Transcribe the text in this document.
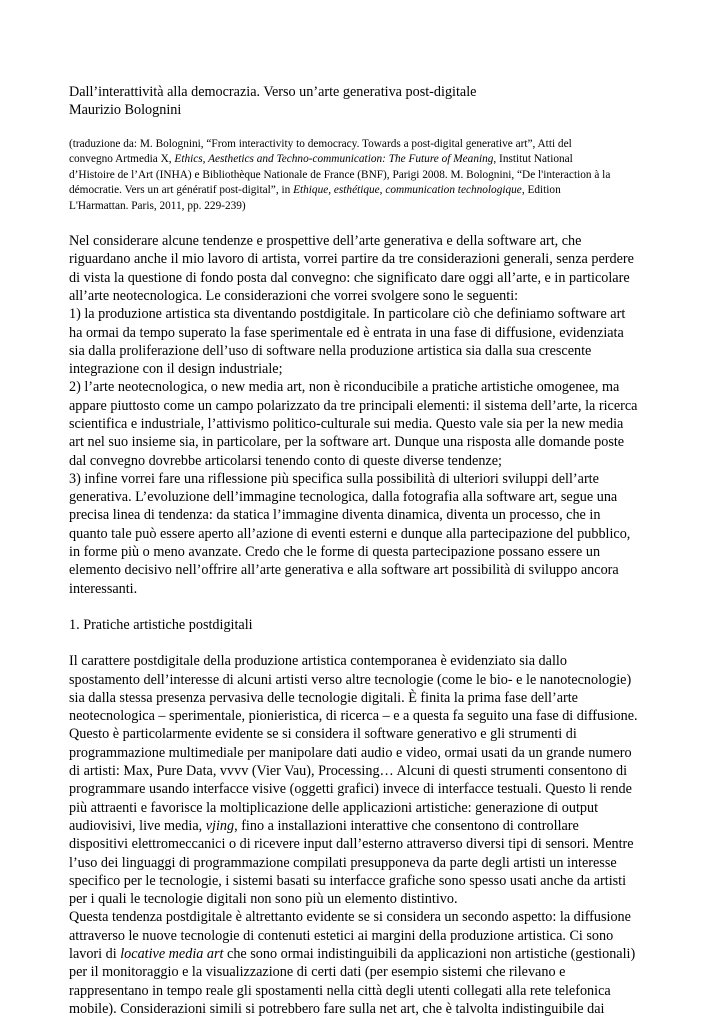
Dall’interattività alla democrazia. Verso un’arte generativa post-digitale
Maurizio Bolognini
(traduzione da: M. Bolognini, “From interactivity to democracy. Towards a post-digital generative art”, Atti del
convegno Artmedia X, Ethics, Aesthetics and Techno-communication: The Future of Meaning, Institut National
d’Histoire de l’Art (INHA) e Bibliothèque Nationale de France (BNF), Parigi 2008. M. Bolognini, “De l'interaction à la
démocratie. Vers un art génératif post-digital”, in Ethique, esthétique, communication technologique, Edition
L'Harmattan. Paris, 2011, pp. 229-239)
Nel considerare alcune tendenze e prospettive dell’arte generativa e della software art, che
riguardano anche il mio lavoro di artista, vorrei partire da tre considerazioni generali, senza perdere
di vista la questione di fondo posta dal convegno: che significato dare oggi all’arte, e in particolare
all’arte neotecnologica. Le considerazioni che vorrei svolgere sono le seguenti:
1) la produzione artistica sta diventando postdigitale. In particolare ciò che definiamo software art
ha ormai da tempo superato la fase sperimentale ed è entrata in una fase di diffusione, evidenziata
sia dalla proliferazione dell’uso di software nella produzione artistica sia dalla sua crescente
integrazione con il design industriale;
2) l’arte neotecnologica, o new media art, non è riconducibile a pratiche artistiche omogenee, ma
appare piuttosto come un campo polarizzato da tre principali elementi: il sistema dell’arte, la ricerca
scientifica e industriale, l’attivismo politico-culturale sui media. Questo vale sia per la new media
art nel suo insieme sia, in particolare, per la software art. Dunque una risposta alle domande poste
dal convegno dovrebbe articolarsi tenendo conto di queste diverse tendenze;
3) infine vorrei fare una riflessione più specifica sulla possibilità di ulteriori sviluppi dell’arte
generativa. L’evoluzione dell’immagine tecnologica, dalla fotografia alla software art, segue una
precisa linea di tendenza: da statica l’immagine diventa dinamica, diventa un processo, che in
quanto tale può essere aperto all’azione di eventi esterni e dunque alla partecipazione del pubblico,
in forme più o meno avanzate. Credo che le forme di questa partecipazione possano essere un
elemento decisivo nell’offrire all’arte generativa e alla software art possibilità di sviluppo ancora
interessanti.
1. Pratiche artistiche postdigitali
Il carattere postdigitale della produzione artistica contemporanea è evidenziato sia dallo
spostamento dell’interesse di alcuni artisti verso altre tecnologie (come le bio- e le nanotecnologie)
sia dalla stessa presenza pervasiva delle tecnologie digitali. È finita la prima fase dell’arte
neotecnologica – sperimentale, pionieristica, di ricerca – e a questa fa seguito una fase di diffusione.
Questo è particolarmente evidente se si considera il software generativo e gli strumenti di
programmazione multimediale per manipolare dati audio e video, ormai usati da un grande numero
di artisti: Max, Pure Data, vvvv (Vier Vau), Processing… Alcuni di questi strumenti consentono di
programmare usando interfacce visive (oggetti grafici) invece di interfacce testuali. Questo li rende
più attraenti e favorisce la moltiplicazione delle applicazioni artistiche: generazione di output
audiovisivi, live media, vjing, fino a installazioni interattive che consentono di controllare
dispositivi elettromeccanici o di ricevere input dall’esterno attraverso diversi tipi di sensori. Mentre
l’uso dei linguaggi di programmazione compilati presupponeva da parte degli artisti un interesse
specifico per le tecnologie, i sistemi basati su interfacce grafiche sono spesso usati anche da artisti
per i quali le tecnologie digitali non sono più un elemento distintivo.
Questa tendenza postdigitale è altrettanto evidente se si considera un secondo aspetto: la diffusione
attraverso le nuove tecnologie di contenuti estetici ai margini della produzione artistica. Ci sono
lavori di locative media art che sono ormai indistinguibili da applicazioni non artistiche (gestionali)
per il monitoraggio e la visualizzazione di certi dati (per esempio sistemi che rilevano e
rappresentano in tempo reale gli spostamenti nella città degli utenti collegati alla rete telefonica
mobile). Considerazioni simili si potrebbero fare sulla net art, che è talvolta indistinguibile dai
